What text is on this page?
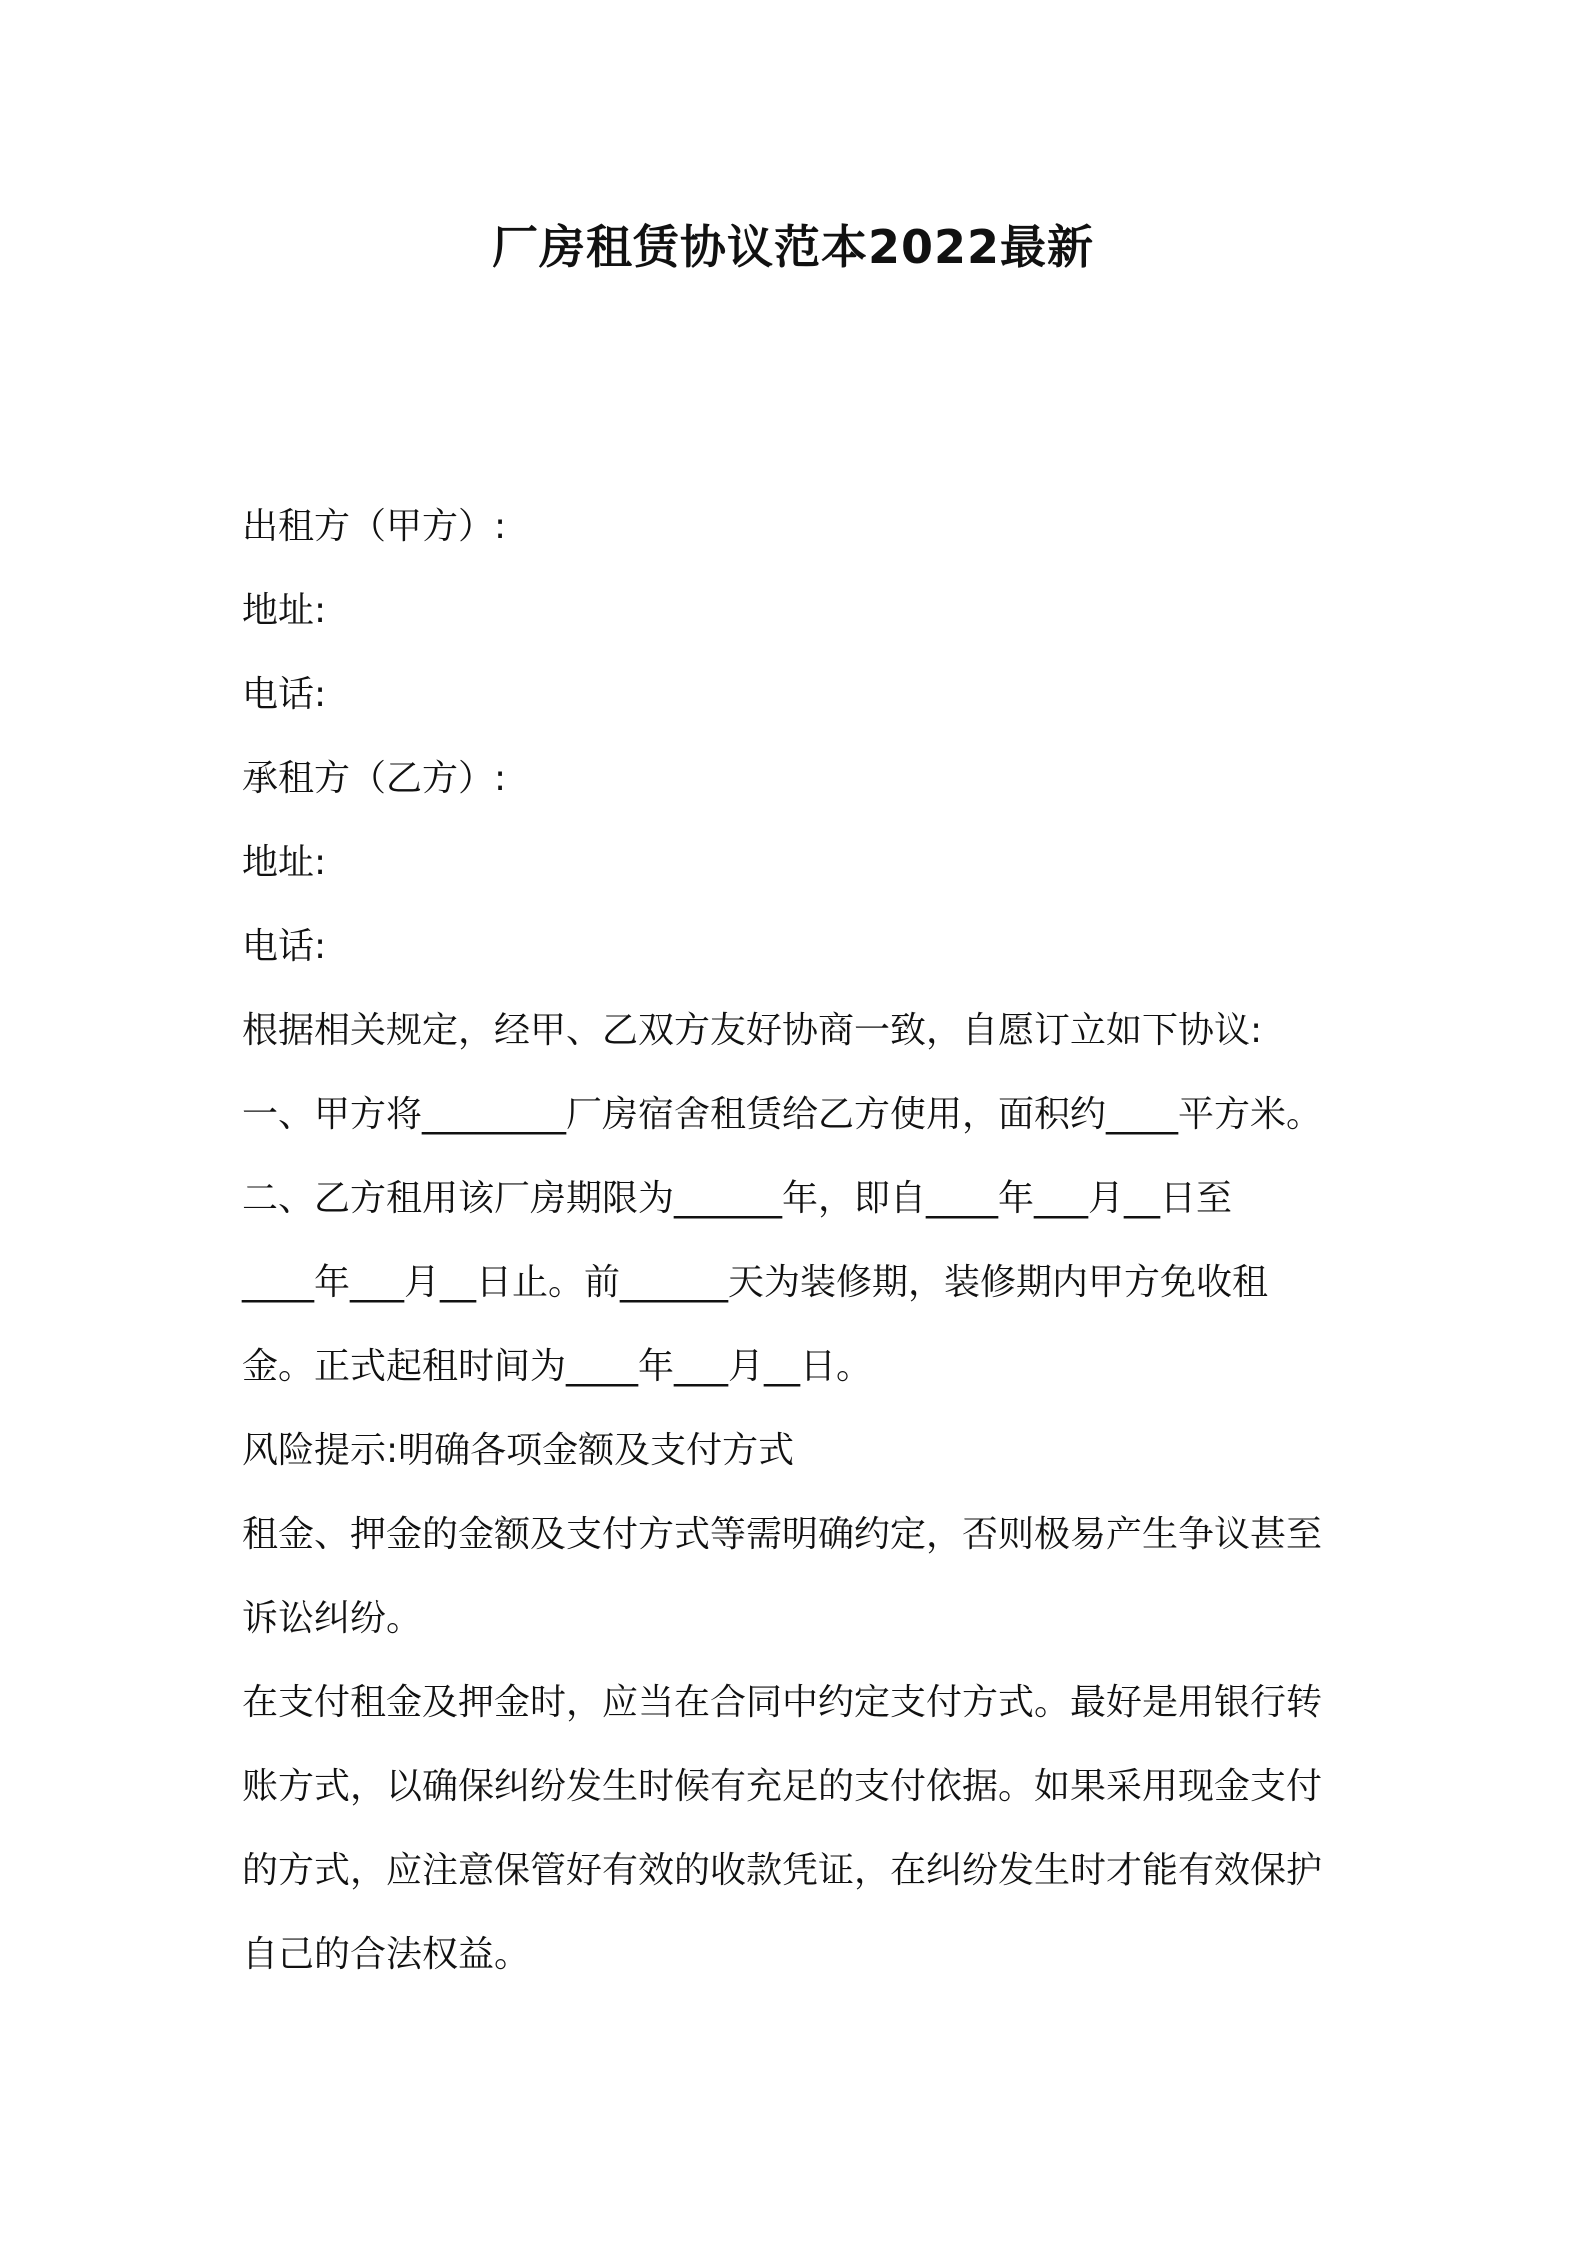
厂房租赁协议范本2022最新

出租方（甲方）:

地址:

电话:

承租方（乙方）:

地址:

电话:

根据相关规定，经甲、乙双方友好协商一致，自愿订立如下协议:

一、甲方将________厂房宿舍租赁给乙方使用，面积约____平方米。

二、乙方租用该厂房期限为______年，即自____年___月__日至

____年___月__日止。前______天为装修期，装修期内甲方免收租

金。正式起租时间为____年___月__日。

风险提示:明确各项金额及支付方式

租金、押金的金额及支付方式等需明确约定，否则极易产生争议甚至

诉讼纠纷。

在支付租金及押金时，应当在合同中约定支付方式。最好是用银行转

账方式，以确保纠纷发生时候有充足的支付依据。如果采用现金支付

的方式，应注意保管好有效的收款凭证，在纠纷发生时才能有效保护

自己的合法权益。
